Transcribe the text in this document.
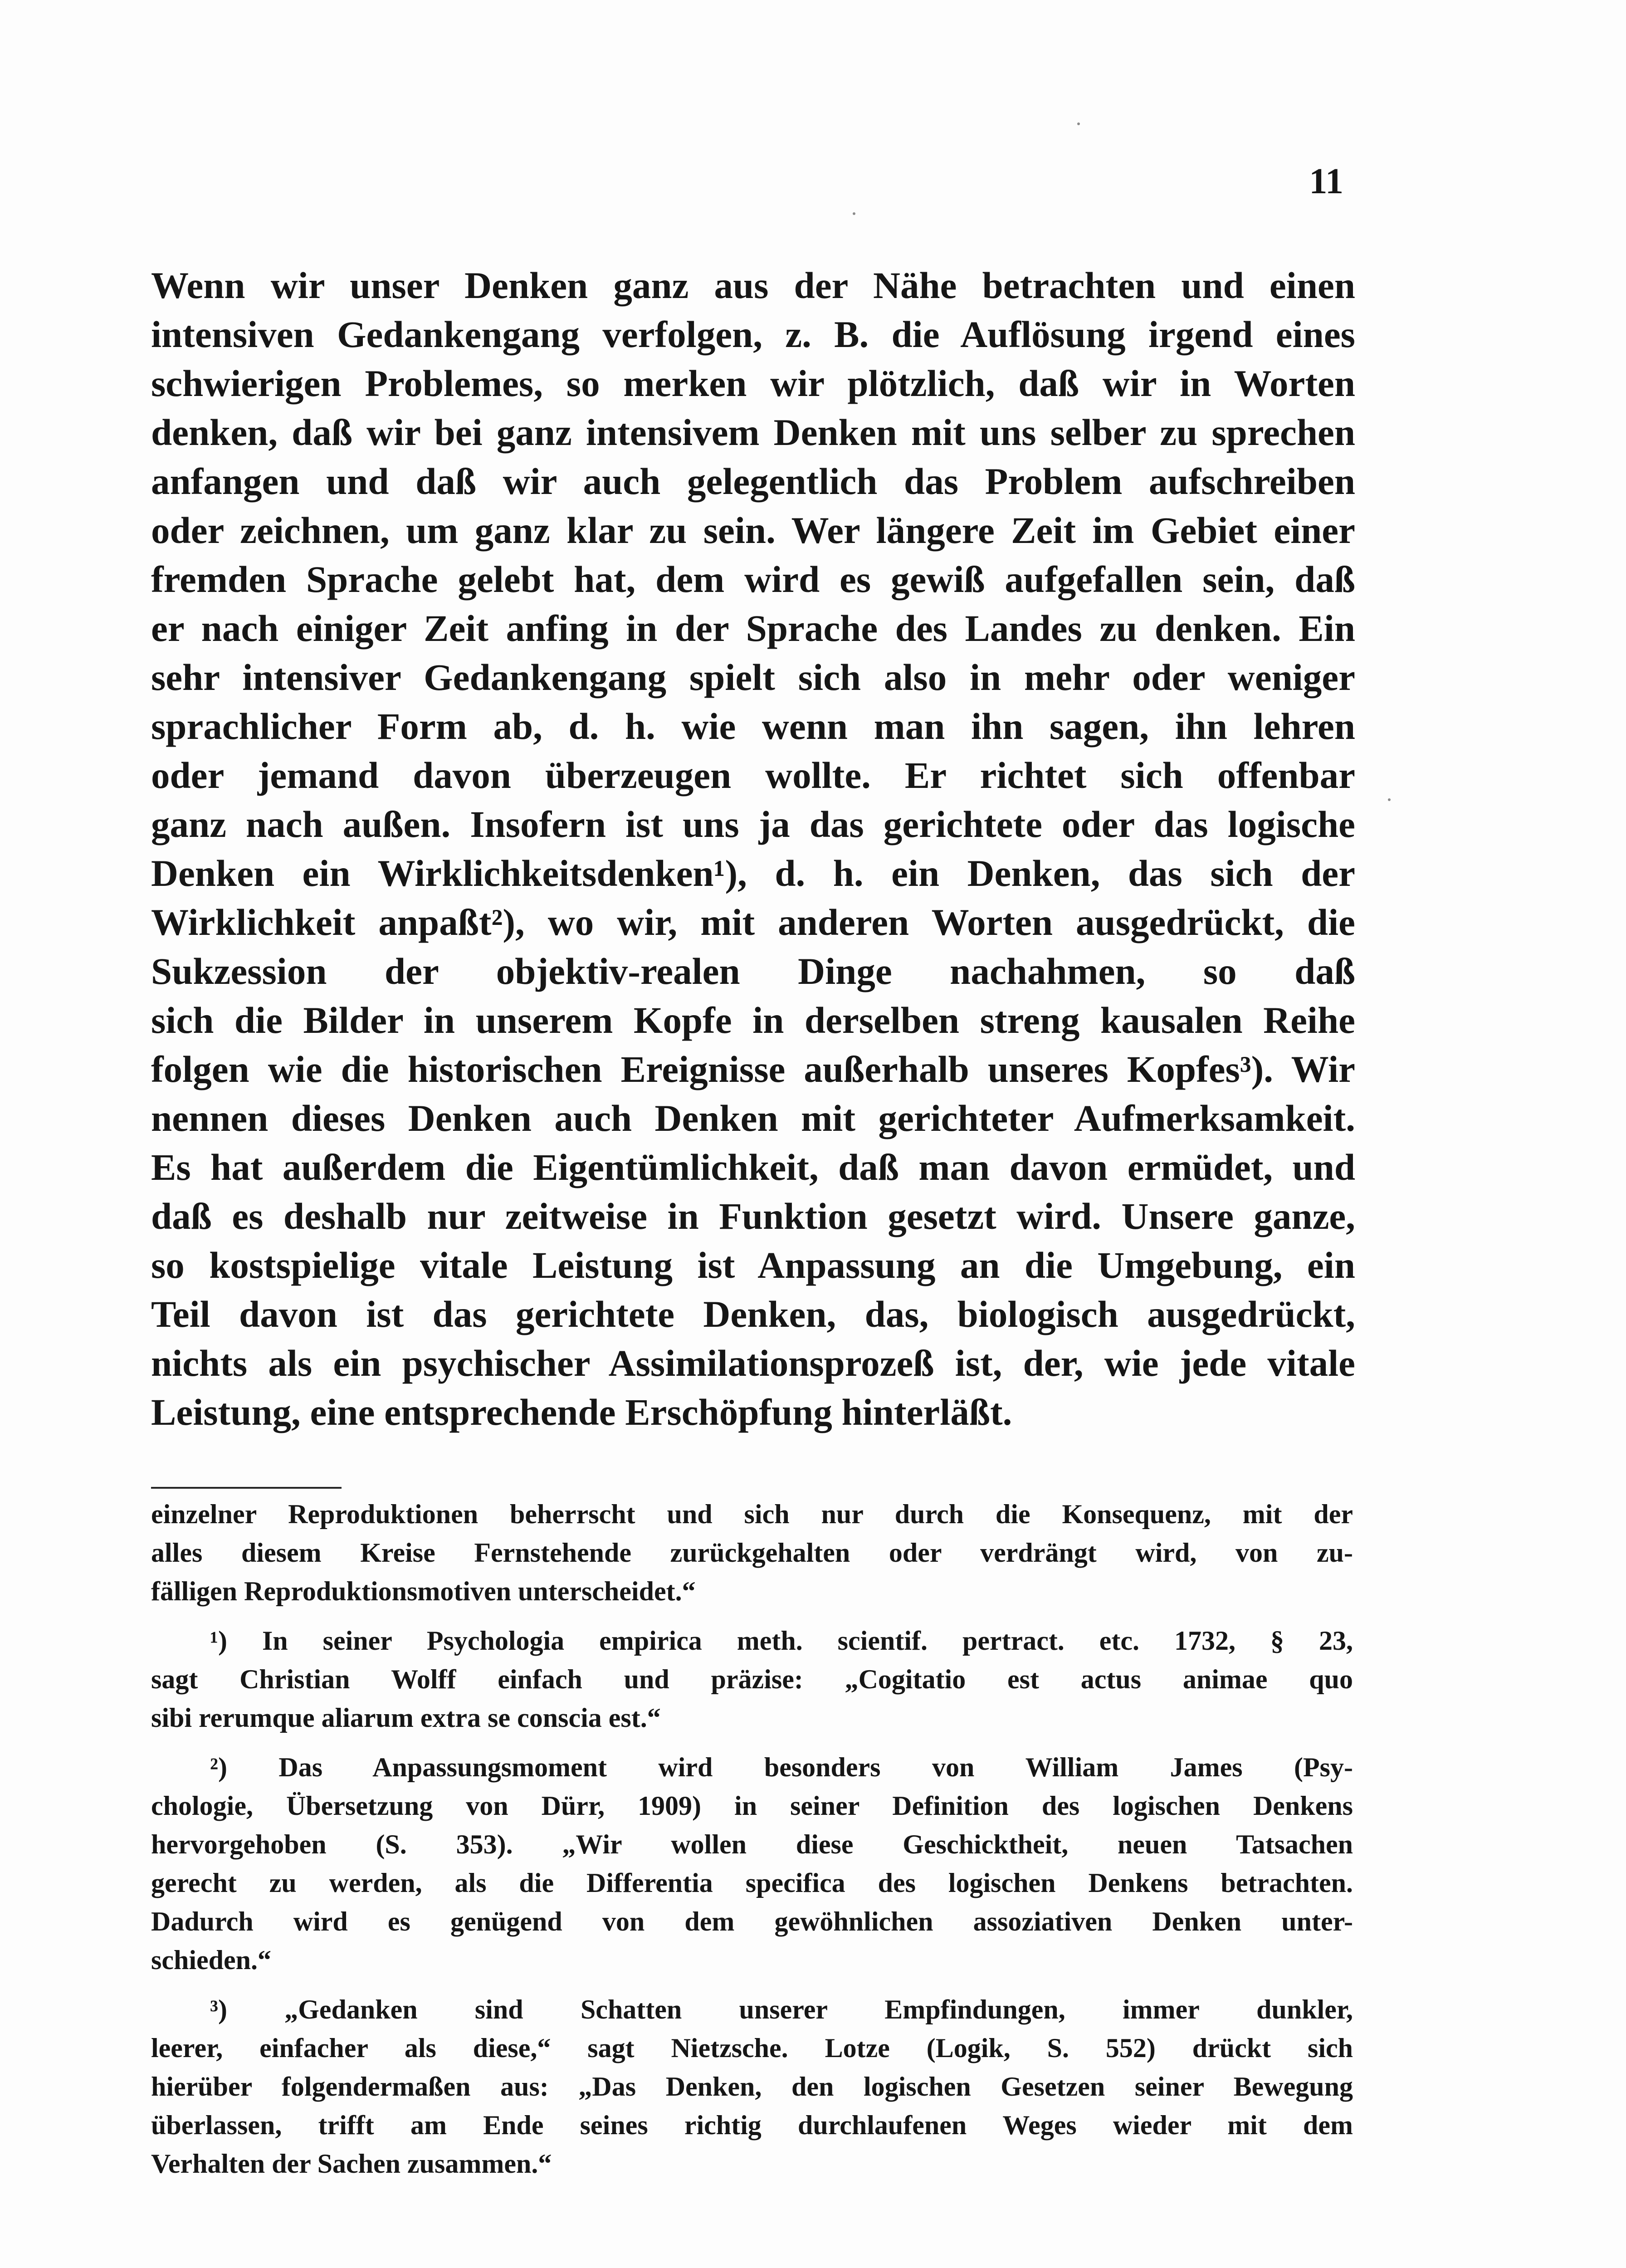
11
Wenn wir unser Denken ganz aus der Nähe betrachten und einen
intensiven Gedankengang verfolgen, z. B. die Auflösung irgend eines
schwierigen Problemes, so merken wir plötzlich, daß wir in Worten
denken, daß wir bei ganz intensivem Denken mit uns selber zu sprechen
anfangen und daß wir auch gelegentlich das Problem aufschreiben
oder zeichnen, um ganz klar zu sein. Wer längere Zeit im Gebiet einer
fremden Sprache gelebt hat, dem wird es gewiß aufgefallen sein, daß
er nach einiger Zeit anfing in der Sprache des Landes zu denken. Ein
sehr intensiver Gedankengang spielt sich also in mehr oder weniger
sprachlicher Form ab, d. h. wie wenn man ihn sagen, ihn lehren
oder jemand davon überzeugen wollte. Er richtet sich offenbar
ganz nach außen. Insofern ist uns ja das gerichtete oder das logische
Denken ein Wirklichkeitsdenken¹), d. h. ein Denken, das sich der
Wirklichkeit anpaßt²), wo wir, mit anderen Worten ausgedrückt, die
Sukzession der objektiv-realen Dinge nachahmen, so daß
sich die Bilder in unserem Kopfe in derselben streng kausalen Reihe
folgen wie die historischen Ereignisse außerhalb unseres Kopfes³). Wir
nennen dieses Denken auch Denken mit gerichteter Aufmerksamkeit.
Es hat außerdem die Eigentümlichkeit, daß man davon ermüdet, und
daß es deshalb nur zeitweise in Funktion gesetzt wird. Unsere ganze,
so kostspielige vitale Leistung ist Anpassung an die Umgebung, ein
Teil davon ist das gerichtete Denken, das, biologisch ausgedrückt,
nichts als ein psychischer Assimilationsprozeß ist, der, wie jede vitale
Leistung, eine entsprechende Erschöpfung hinterläßt.
einzelner Reproduktionen beherrscht und sich nur durch die Konsequenz, mit der
alles diesem Kreise Fernstehende zurückgehalten oder verdrängt wird, von zu-
fälligen Reproduktionsmotiven unterscheidet.“
¹) In seiner Psychologia empirica meth. scientif. pertract. etc. 1732, § 23,
sagt Christian Wolff einfach und präzise: „Cogitatio est actus animae quo
sibi rerumque aliarum extra se conscia est.“
²) Das Anpassungsmoment wird besonders von William James (Psy-
chologie, Übersetzung von Dürr, 1909) in seiner Definition des logischen Denkens
hervorgehoben (S. 353). „Wir wollen diese Geschicktheit, neuen Tatsachen
gerecht zu werden, als die Differentia specifica des logischen Denkens betrachten.
Dadurch wird es genügend von dem gewöhnlichen assoziativen Denken unter-
schieden.“
³) „Gedanken sind Schatten unserer Empfindungen, immer dunkler,
leerer, einfacher als diese,“ sagt Nietzsche. Lotze (Logik, S. 552) drückt sich
hierüber folgendermaßen aus: „Das Denken, den logischen Gesetzen seiner Bewegung
überlassen, trifft am Ende seines richtig durchlaufenen Weges wieder mit dem
Verhalten der Sachen zusammen.“
